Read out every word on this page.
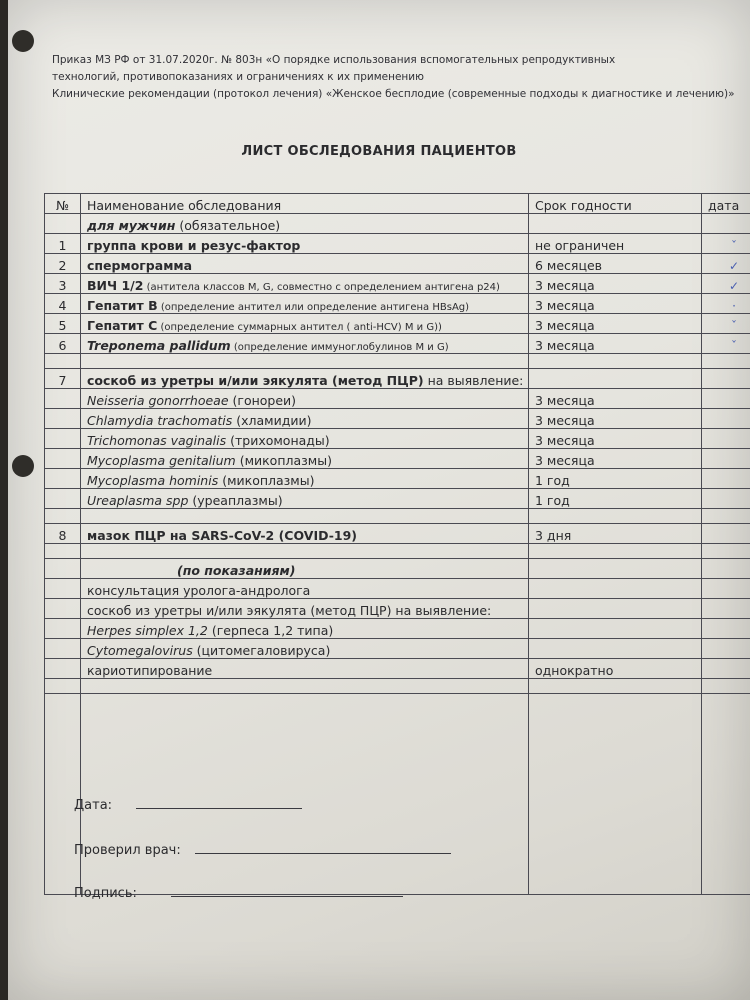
Приказ МЗ РФ от 31.07.2020г. № 803н «О порядке использования вспомогательных репродуктивных
технологий, противопоказаниях и ограничениях к их применению
Клинические рекомендации (протокол лечения) «Женское бесплодие (современные подходы к диагностике и лечению)»
ЛИСТ ОБСЛЕДОВАНИЯ ПАЦИЕНТОВ
№	Наименование обследования	Срок годности	дата
	для мужчин (обязательное)		
1	группа крови и резус-фактор	не ограничен	ˇ
2	спермограмма	6 месяцев	✓
3	ВИЧ 1/2 (антитела классов M, G, совместно с определением антигена p24)	3 месяца	✓
4	Гепатит В (определение антител или определение антигена HBsAg)	3 месяца	·
5	Гепатит С (определение суммарных антител ( anti-HCV) M и G))	3 месяца	ˇ
6	Treponema pallidum (определение иммуноглобулинов M и G)	3 месяца	ˇ

7	соскоб из уретры и/или эякулята (метод ПЦР) на выявление:		
	Neisseria gonorrhoeae (гонореи)	3 месяца	
	Chlamydia trachomatis (хламидии)	3 месяца	
	Trichomonas vaginalis (трихомонады)	3 месяца	
	Mycoplasma genitalium (микоплазмы)	3 месяца	
	Mycoplasma hominis (микоплазмы)	1 год	
	Ureaplasma spp (уреаплазмы)	1 год	

8	мазок ПЦР на SARS-CoV-2 (COVID-19)	3 дня	

	(по показаниям)		
	консультация уролога-андролога		
	соскоб из уретры и/или эякулята (метод ПЦР) на выявление:		
	Herpes simplex 1,2 (герпеса 1,2 типа)		
	Cytomegalovirus (цитомегаловируса)		
	кариотипирование	однократно	

Дата:
Проверил врач:
Подпись:
